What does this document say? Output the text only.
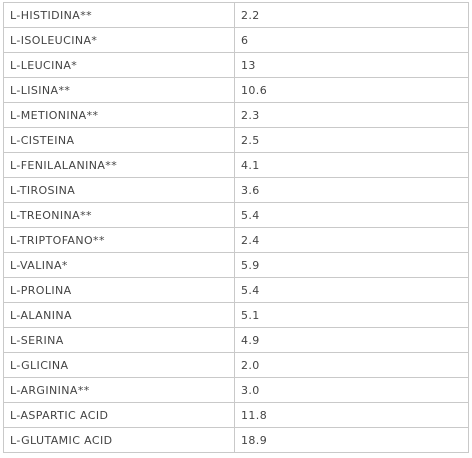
L-HISTIDINA**	2.2
L-ISOLEUCINA*	6
L-LEUCINA*	13
L-LISINA**	10.6
L-METIONINA**	2.3
L-CISTEINA	2.5
L-FENILALANINA**	4.1
L-TIROSINA	3.6
L-TREONINA**	5.4
L-TRIPTOFANO**	2.4
L-VALINA*	5.9
L-PROLINA	5.4
L-ALANINA	5.1
L-SERINA	4.9
L-GLICINA	2.0
L-ARGININA**	3.0
L-ASPARTIC ACID	11.8
L-GLUTAMIC ACID	18.9
